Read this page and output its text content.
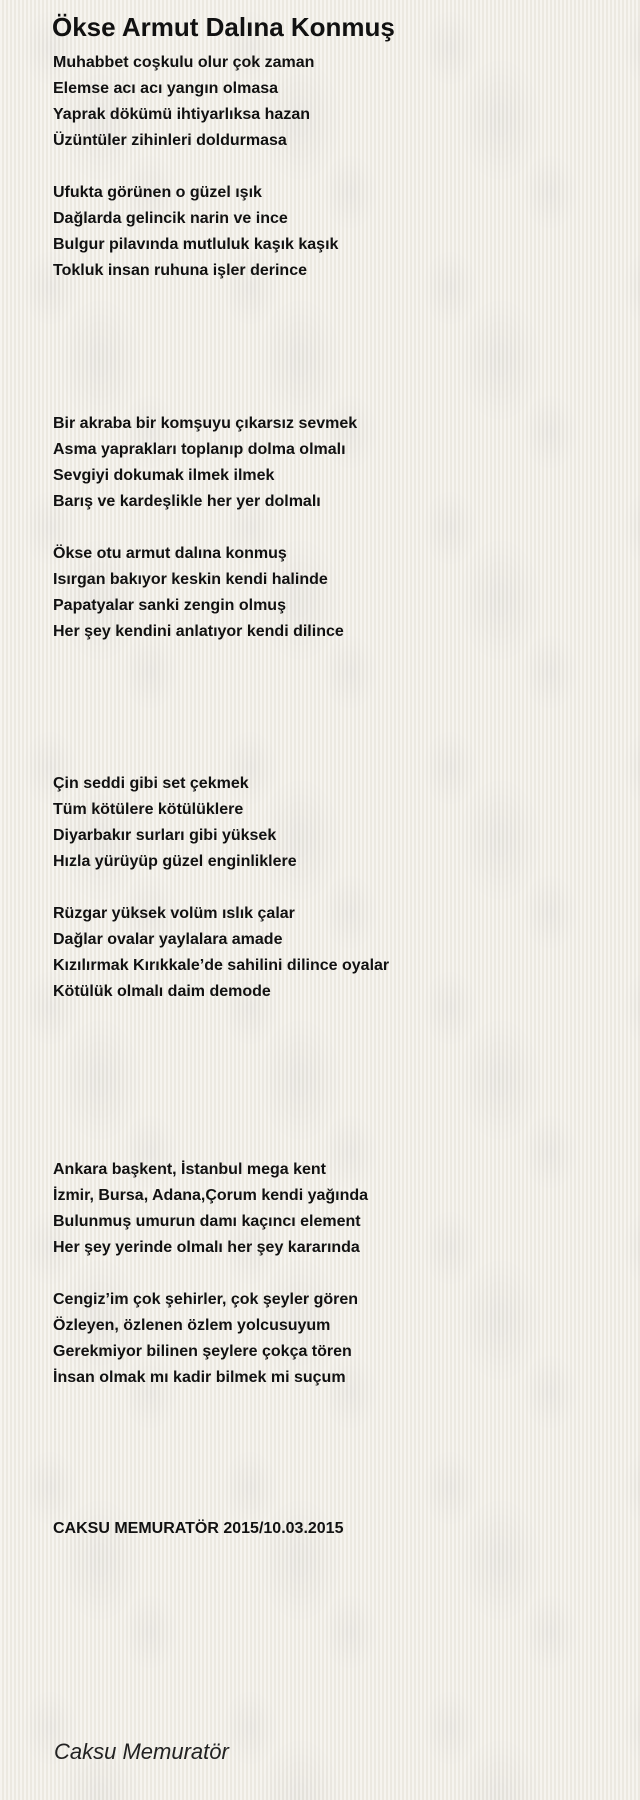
Ökse Armut Dalına Konmuş
Muhabbet coşkulu olur çok zaman
Elemse acı acı yangın olmasa
Yaprak dökümü ihtiyarlıksa hazan
Üzüntüler zihinleri doldurmasa
Ufukta görünen o güzel ışık
Dağlarda gelincik narin ve ince
Bulgur pilavında mutluluk kaşık kaşık
Tokluk insan ruhuna işler derince
Bir akraba bir komşuyu çıkarsız sevmek
Asma yaprakları toplanıp dolma olmalı
Sevgiyi dokumak ilmek ilmek
Barış ve kardeşlikle her yer dolmalı
Ökse otu armut dalına konmuş
Isırgan bakıyor keskin kendi halinde
Papatyalar sanki zengin olmuş
Her şey kendini anlatıyor kendi dilince
Çin seddi gibi set çekmek
Tüm kötülere kötülüklere
Diyarbakır surları gibi yüksek
Hızla yürüyüp güzel enginliklere
Rüzgar yüksek volüm ıslık çalar
Dağlar ovalar yaylalara amade
Kızılırmak Kırıkkale’de sahilini dilince oyalar
Kötülük olmalı daim demode
Ankara başkent, İstanbul mega kent
İzmir, Bursa, Adana,Çorum kendi yağında
Bulunmuş umurun damı kaçıncı element
Her şey yerinde olmalı her şey kararında
Cengiz’im çok şehirler, çok şeyler gören
Özleyen, özlenen özlem yolcusuyum
Gerekmiyor bilinen şeylere çokça tören
İnsan olmak mı kadir bilmek mi suçum
CAKSU MEMURATÖR 2015/10.03.2015
Caksu Memuratör
